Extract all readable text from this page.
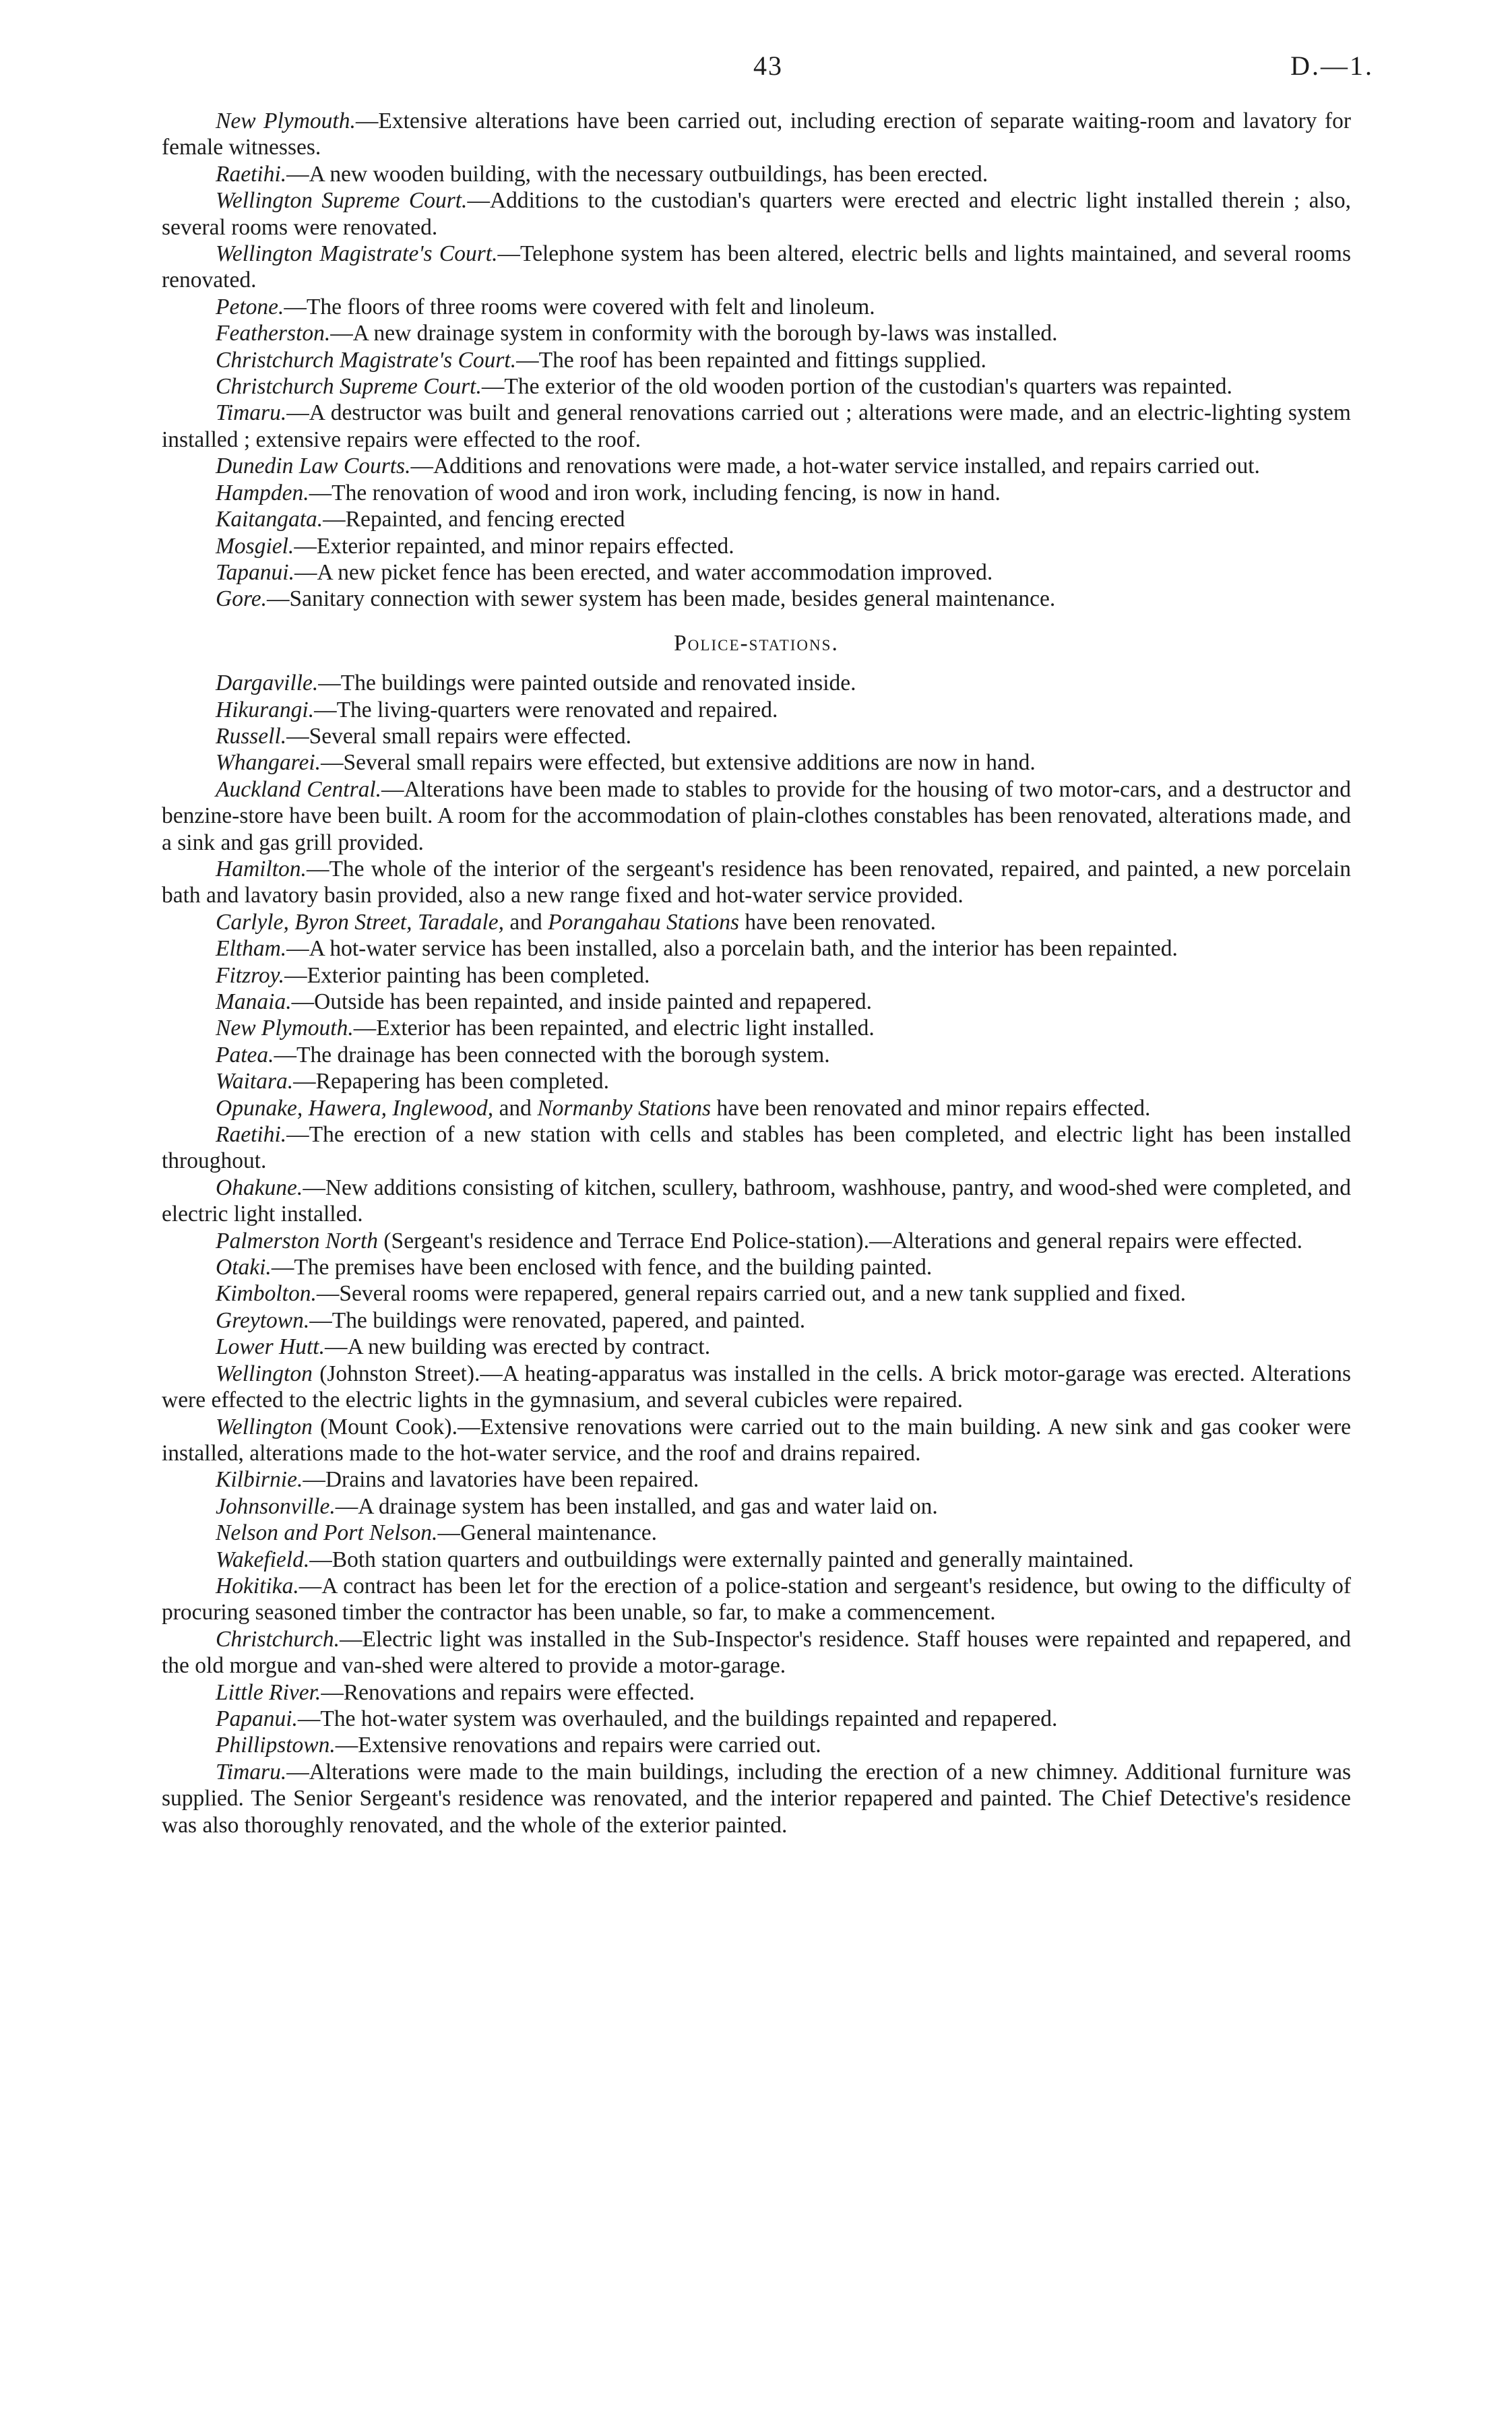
43	D.—1.

New Plymouth.—Extensive alterations have been carried out, including erection of separate waiting-room and lavatory for female witnesses.

Raetihi.—A new wooden building, with the necessary outbuildings, has been erected.

Wellington Supreme Court.—Additions to the custodian's quarters were erected and electric light installed therein ; also, several rooms were renovated.

Wellington Magistrate's Court.—Telephone system has been altered, electric bells and lights maintained, and several rooms renovated.

Petone.—The floors of three rooms were covered with felt and linoleum.

Featherston.—A new drainage system in conformity with the borough by-laws was installed.

Christchurch Magistrate's Court.—The roof has been repainted and fittings supplied.

Christchurch Supreme Court.—The exterior of the old wooden portion of the custodian's quarters was repainted.

Timaru.—A destructor was built and general renovations carried out ; alterations were made, and an electric-lighting system installed ; extensive repairs were effected to the roof.

Dunedin Law Courts.—Additions and renovations were made, a hot-water service installed, and repairs carried out.

Hampden.—The renovation of wood and iron work, including fencing, is now in hand.

Kaitangata.—Repainted, and fencing erected

Mosgiel.—Exterior repainted, and minor repairs effected.

Tapanui.—A new picket fence has been erected, and water accommodation improved.

Gore.—Sanitary connection with sewer system has been made, besides general maintenance.

Police-stations.

Dargaville.—The buildings were painted outside and renovated inside.

Hikurangi.—The living-quarters were renovated and repaired.

Russell.—Several small repairs were effected.

Whangarei.—Several small repairs were effected, but extensive additions are now in hand.

Auckland Central.—Alterations have been made to stables to provide for the housing of two motor-cars, and a destructor and benzine-store have been built. A room for the accommodation of plain-clothes constables has been renovated, alterations made, and a sink and gas grill provided.

Hamilton.—The whole of the interior of the sergeant's residence has been renovated, repaired, and painted, a new porcelain bath and lavatory basin provided, also a new range fixed and hot-water service provided.

Carlyle, Byron Street, Taradale, and Porangahau Stations have been renovated.

Eltham.—A hot-water service has been installed, also a porcelain bath, and the interior has been repainted.

Fitzroy.—Exterior painting has been completed.

Manaia.—Outside has been repainted, and inside painted and repapered.

New Plymouth.—Exterior has been repainted, and electric light installed.

Patea.—The drainage has been connected with the borough system.

Waitara.—Repapering has been completed.

Opunake, Hawera, Inglewood, and Normanby Stations have been renovated and minor repairs effected.

Raetihi.—The erection of a new station with cells and stables has been completed, and electric light has been installed throughout.

Ohakune.—New additions consisting of kitchen, scullery, bathroom, washhouse, pantry, and wood-shed were completed, and electric light installed.

Palmerston North (Sergeant's residence and Terrace End Police-station).—Alterations and general repairs were effected.

Otaki.—The premises have been enclosed with fence, and the building painted.

Kimbolton.—Several rooms were repapered, general repairs carried out, and a new tank supplied and fixed.

Greytown.—The buildings were renovated, papered, and painted.

Lower Hutt.—A new building was erected by contract.

Wellington (Johnston Street).—A heating-apparatus was installed in the cells. A brick motor-garage was erected. Alterations were effected to the electric lights in the gymnasium, and several cubicles were repaired.

Wellington (Mount Cook).—Extensive renovations were carried out to the main building. A new sink and gas cooker were installed, alterations made to the hot-water service, and the roof and drains repaired.

Kilbirnie.—Drains and lavatories have been repaired.

Johnsonville.—A drainage system has been installed, and gas and water laid on.

Nelson and Port Nelson.—General maintenance.

Wakefield.—Both station quarters and outbuildings were externally painted and generally maintained.

Hokitika.—A contract has been let for the erection of a police-station and sergeant's residence, but owing to the difficulty of procuring seasoned timber the contractor has been unable, so far, to make a commencement.

Christchurch.—Electric light was installed in the Sub-Inspector's residence. Staff houses were repainted and repapered, and the old morgue and van-shed were altered to provide a motor-garage.

Little River.—Renovations and repairs were effected.

Papanui.—The hot-water system was overhauled, and the buildings repainted and repapered.

Phillipstown.—Extensive renovations and repairs were carried out.

Timaru.—Alterations were made to the main buildings, including the erection of a new chimney. Additional furniture was supplied. The Senior Sergeant's residence was renovated, and the interior repapered and painted. The Chief Detective's residence was also thoroughly renovated, and the whole of the exterior painted.
